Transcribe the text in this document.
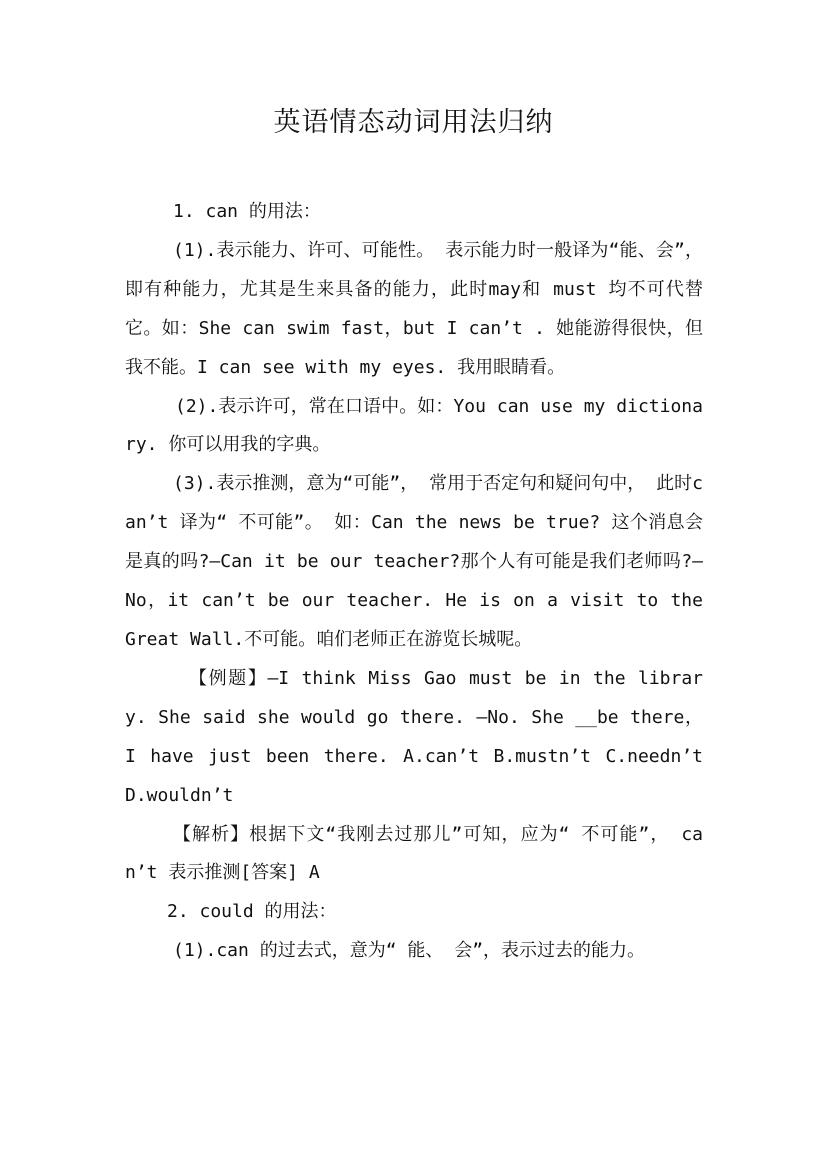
英语情态动词用法归纳

1. can 的用法：

(1).表示能力、许可、可能性。 表示能力时一般译为“能、会”， 即有种能力，尤其是生来具备的能力，此时may和 must 均不可代替它。如：She can swim fast，but I can’t . 她能游得很快，但我不能。I can see with my eyes. 我用眼睛看。

(2).表示许可，常在口语中。如：You can use my dictionary. 你可以用我的字典。

(3).表示推测，意为“可能”， 常用于否定句和疑问句中， 此时can’t 译为“ 不可能”。 如：Can the news be true? 这个消息会是真的吗?—Can it be our teacher?那个人有可能是我们老师吗?—No，it can’t be our teacher. He is on a visit to the Great Wall.不可能。咱们老师正在游览长城呢。

【例题】—I think Miss Gao must be in the library. She said she would go there. —No. She __be there，I have just been there. A.can’t B.mustn’t C.needn’t D.wouldn’t

【解析】根据下文“我刚去过那儿”可知，应为“ 不可能”， can’t 表示推测[答案] A

2. could 的用法：

(1).can 的过去式，意为“ 能、 会”，表示过去的能力。
